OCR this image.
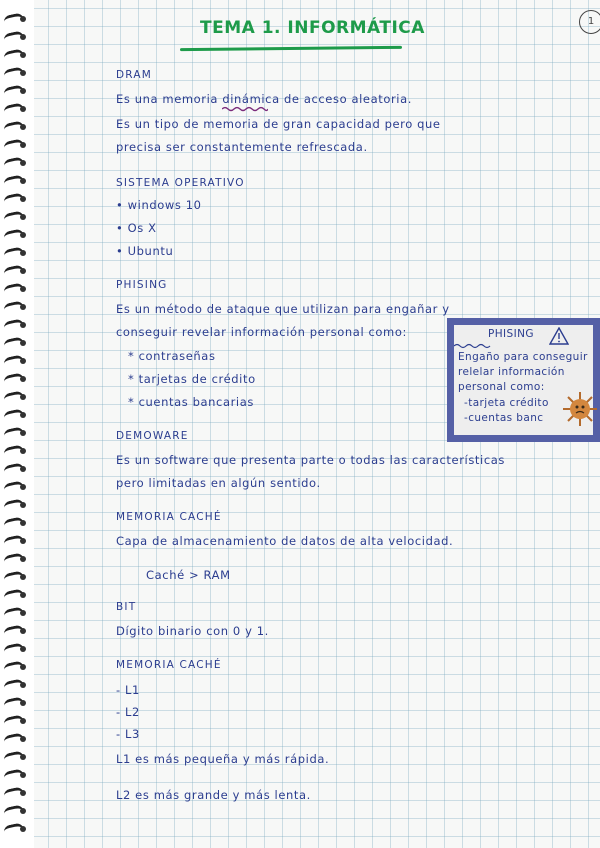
TEMA 1. INFORMÁTICA	1
DRAM
Es una memoria dinámica de acceso aleatoria.
Es un tipo de memoria de gran capacidad pero que
precisa ser constantemente refrescada.
SISTEMA OPERATIVO
• windows 10
• Os X
• Ubuntu
PHISING
Es un método de ataque que utilizan para engañar y
conseguir revelar información personal como:
* contraseñas
* tarjetas de crédito
* cuentas bancarias
PHISING
Engaño para conseguir
relelar información
personal como:
-tarjeta crédito
-cuentas banc
DEMOWARE
Es un software que presenta parte o todas las características
pero limitadas en algún sentido.
MEMORIA CACHÉ
Capa de almacenamiento de datos de alta velocidad.
Caché > RAM
BIT
Dígito binario con 0 y 1.
MEMORIA CACHÉ
- L1
- L2
- L3
L1 es más pequeña y más rápida.
L2 es más grande y más lenta.
